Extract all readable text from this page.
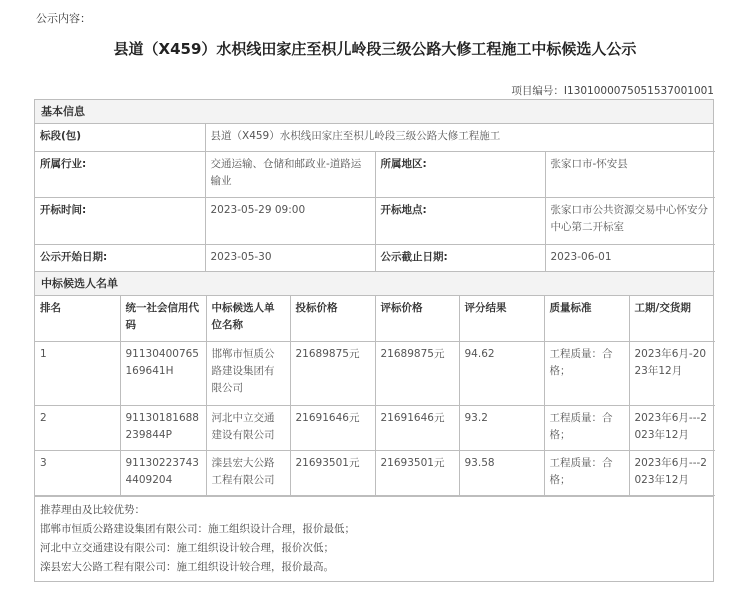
公示内容：
县道（X459）水枳线田家庄至枳儿岭段三级公路大修工程施工中标候选人公示
项目编号：I1301000075051537001001
基本信息
标段(包)	县道（X459）水枳线田家庄至枳儿岭段三级公路大修工程施工		
所属行业:	交通运输、仓储和邮政业-道路运输业	所属地区:	张家口市-怀安县
开标时间:	2023-05-29 09:00	开标地点:	张家口市公共资源交易中心怀安分中心第二开标室
公示开始日期:	2023-05-30	公示截止日期:	2023-06-01
中标候选人名单
排名	统一社会信用代码	中标候选人单位名称	投标价格	评标价格	评分结果	质量标准	工期/交货期
1	91130400765169641H	邯郸市恒质公路建设集团有限公司	21689875元	21689875元	94.62	工程质量：合格；	2023年6月-2023年12月
2	91130181688239844P	河北中立交通建设有限公司	21691646元	21691646元	93.2	工程质量：合格；	2023年6月---2023年12月
3	911302237434409204	滦县宏大公路工程有限公司	21693501元	21693501元	93.58	工程质量：合格；	2023年6月---2023年12月
推荐理由及比较优势：
邯郸市恒质公路建设集团有限公司：施工组织设计合理，报价最低；
河北中立交通建设有限公司：施工组织设计较合理，报价次低；
滦县宏大公路工程有限公司：施工组织设计较合理，报价最高。
